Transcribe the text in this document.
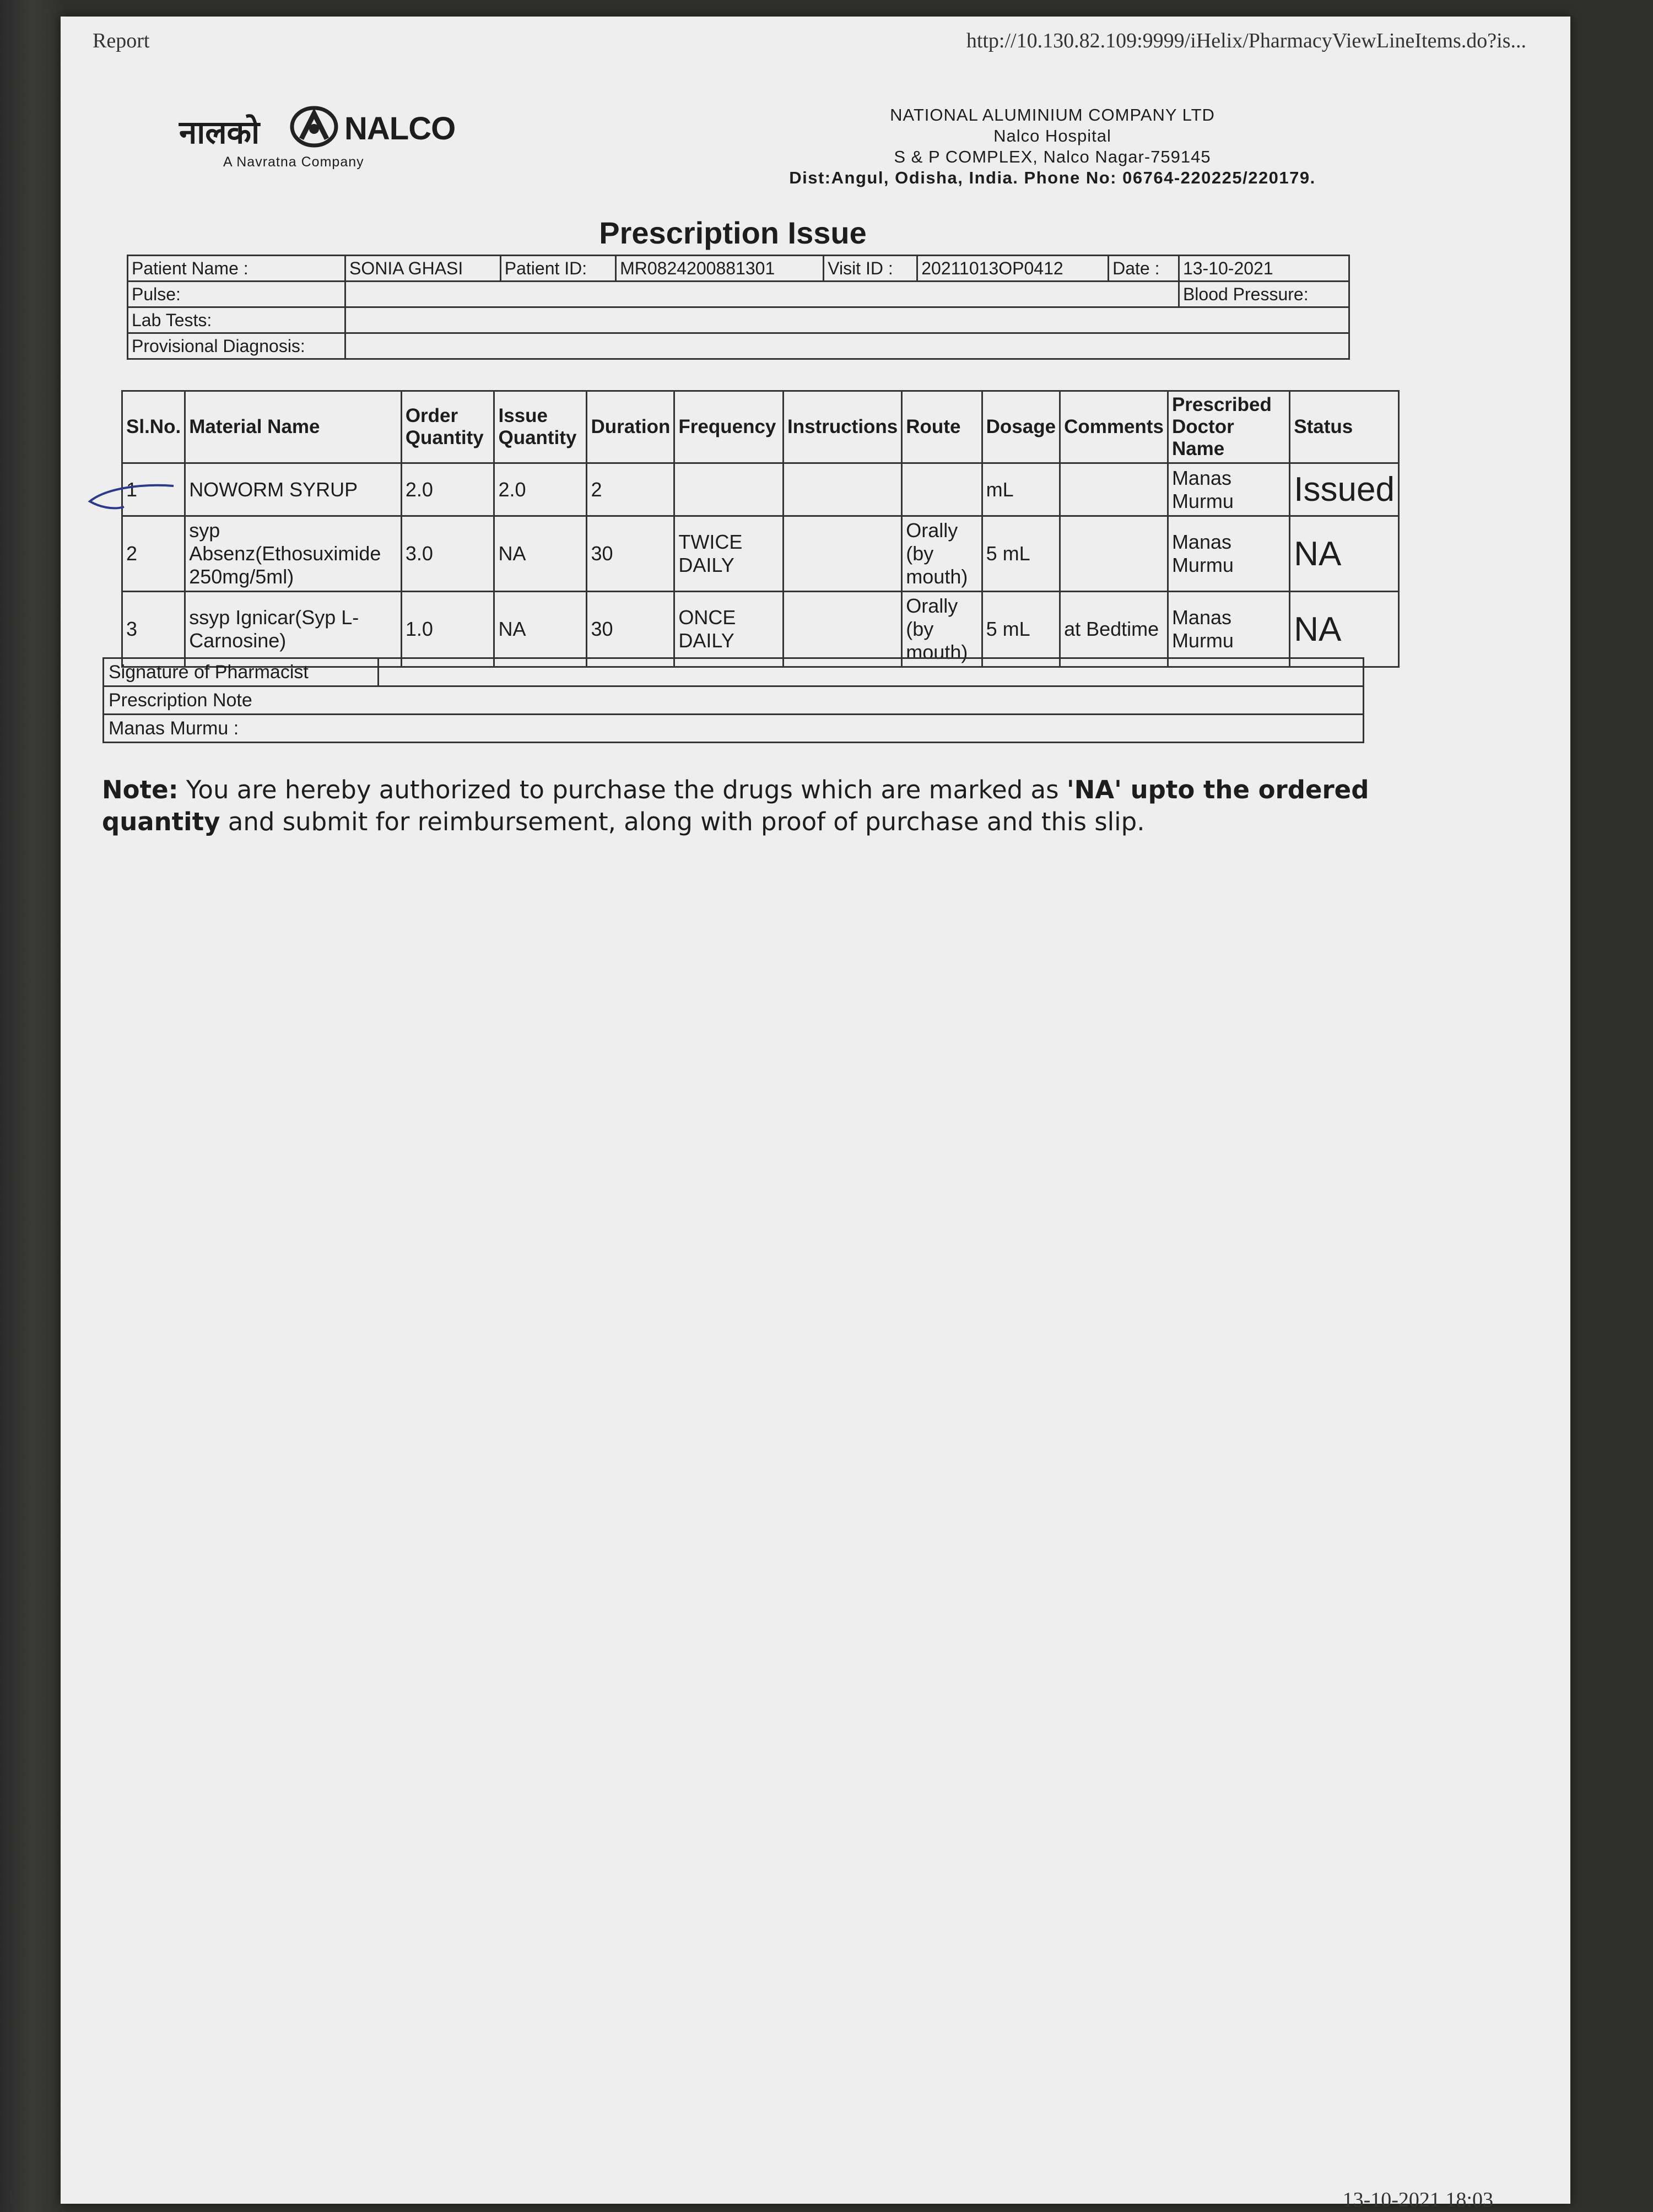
Report	http://10.130.82.109:9999/iHelix/PharmacyViewLineItems.do?is...
नालको	NALCO
A Navratna Company
NATIONAL ALUMINIUM COMPANY LTD
Nalco Hospital
S & P COMPLEX, Nalco Nagar-759145
Dist:Angul, Odisha, India. Phone No: 06764-220225/220179.
Prescription Issue
Patient Name :	SONIA GHASI	Patient ID:	MR0824200881301	Visit ID :	20211013OP0412	Date :	13-10-2021
Pulse:							Blood Pressure:
Lab Tests:							
Provisional Diagnosis:							
Sl.No.	Material Name	Order Quantity	Issue Quantity	Duration	Frequency	Instructions	Route	Dosage	Comments	Prescribed Doctor Name	Status
1	NOWORM SYRUP	2.0	2.0	2				mL		Manas Murmu	Issued
2	syp Absenz(Ethosuximide 250mg/5ml)	3.0	NA	30	TWICE DAILY		Orally (by mouth)	5 mL		Manas Murmu	NA
3	ssyp Ignicar(Syp L-Carnosine)	1.0	NA	30	ONCE DAILY		Orally (by mouth)	5 mL	at Bedtime	Manas Murmu	NA
Signature of Pharmacist	
Prescription Note
Manas Murmu :
Note: You are hereby authorized to purchase the drugs which are marked as 'NA' upto the ordered quantity and submit for reimbursement, along with proof of purchase and this slip.
1	13-10-2021 18:03
